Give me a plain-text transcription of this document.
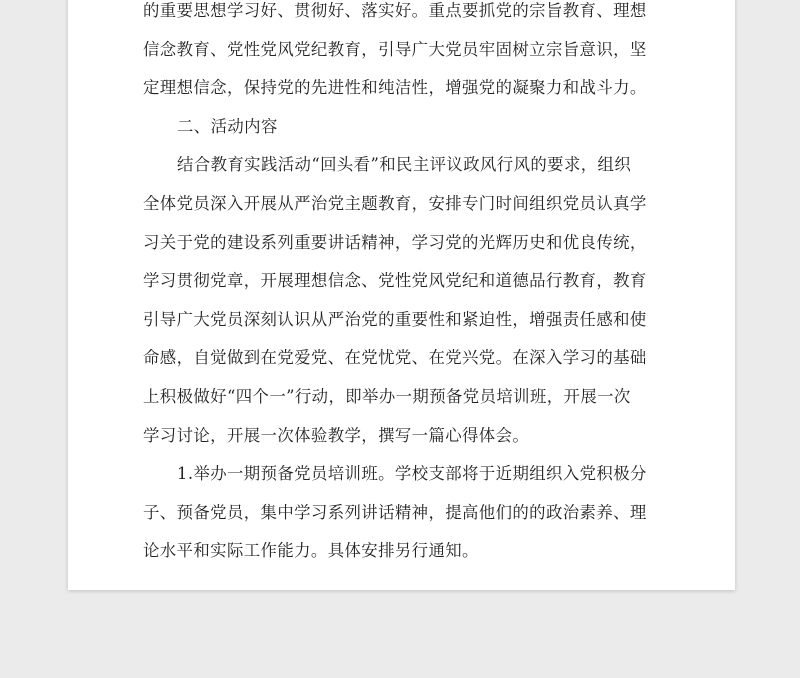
的重要思想学习好、贯彻好、落实好。重点要抓党的宗旨教育、理想
信念教育、党性党风党纪教育，引导广大党员牢固树立宗旨意识，坚
定理想信念，保持党的先进性和纯洁性，增强党的凝聚力和战斗力。
二、活动内容
结合教育实践活动“回头看”和民主评议政风行风的要求，组织
全体党员深入开展从严治党主题教育，安排专门时间组织党员认真学
习关于党的建设系列重要讲话精神，学习党的光辉历史和优良传统，
学习贯彻党章，开展理想信念、党性党风党纪和道德品行教育，教育
引导广大党员深刻认识从严治党的重要性和紧迫性，增强责任感和使
命感，自觉做到在党爱党、在党忧党、在党兴党。在深入学习的基础
上积极做好“四个一”行动，即举办一期预备党员培训班，开展一次
学习讨论，开展一次体验教学，撰写一篇心得体会。
1.举办一期预备党员培训班。学校支部将于近期组织入党积极分
子、预备党员，集中学习系列讲话精神，提高他们的的政治素养、理
论水平和实际工作能力。具体安排另行通知。
